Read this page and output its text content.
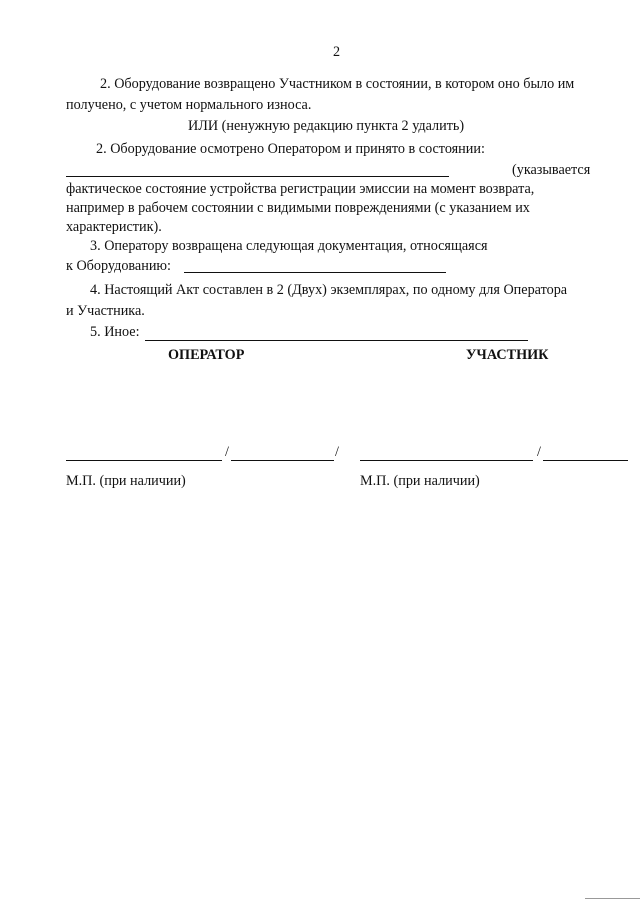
2
2. Оборудование возвращено Участником в состоянии, в котором оно было им
получено, с учетом нормального износа.
ИЛИ (ненужную редакцию пункта 2 удалить)
2. Оборудование осмотрено Оператором и принято в состоянии:
(указывается
фактическое состояние устройства регистрации эмиссии на момент возврата,
например в рабочем состоянии с видимыми повреждениями (с указанием их
характеристик).
3. Оператору возвращена следующая документация, относящаяся
к Оборудованию:
4. Настоящий Акт составлен в 2 (Двух) экземплярах, по одному для Оператора
и Участника.
5. Иное:
ОПЕРАТОР	УЧАСТНИК
/	/	/
М.П. (при наличии)	М.П. (при наличии)
